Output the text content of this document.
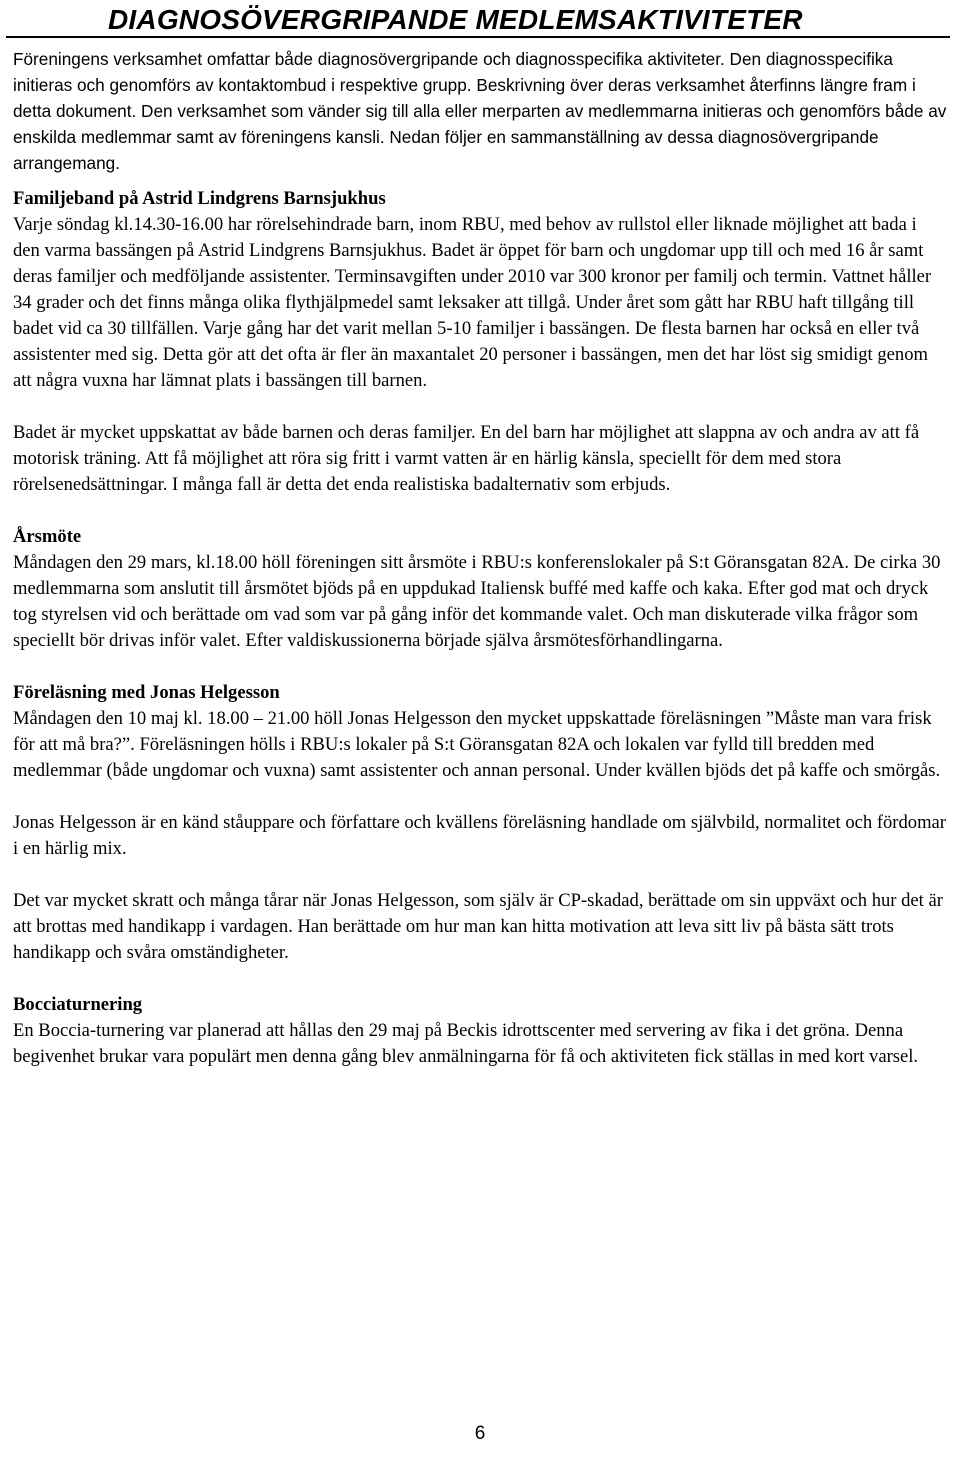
DIAGNOSÖVERGRIPANDE MEDLEMSAKTIVITETER

Föreningens verksamhet omfattar både diagnosövergripande och diagnosspecifika aktiviteter. Den diagnosspecifika initieras och genomförs av kontaktombud i respektive grupp. Beskrivning över deras verksamhet återfinns längre fram i detta dokument. Den verksamhet som vänder sig till alla eller merparten av medlemmarna initieras och genomförs både av enskilda medlemmar samt av föreningens kansli. Nedan följer en sammanställning av dessa diagnosövergripande arrangemang.

Familjeband på Astrid Lindgrens Barnsjukhus

Varje söndag kl.14.30-16.00 har rörelsehindrade barn, inom RBU, med behov av rullstol eller liknade möjlighet att bada i den varma bassängen på Astrid Lindgrens Barnsjukhus. Badet är öppet för barn och ungdomar upp till och med 16 år samt deras familjer och medföljande assistenter. Terminsavgiften under 2010 var 300 kronor per familj och termin. Vattnet håller 34 grader och det finns många olika flythjälpmedel samt leksaker att tillgå. Under året som gått har RBU haft tillgång till badet vid ca 30 tillfällen. Varje gång har det varit mellan 5-10 familjer i bassängen. De flesta barnen har också en eller två assistenter med sig. Detta gör att det ofta är fler än maxantalet 20 personer i bassängen, men det har löst sig smidigt genom att några vuxna har lämnat plats i bassängen till barnen.

Badet är mycket uppskattat av både barnen och deras familjer. En del barn har möjlighet att slappna av och andra av att få motorisk träning. Att få möjlighet att röra sig fritt i varmt vatten är en härlig känsla, speciellt för dem med stora rörelsenedsättningar. I många fall är detta det enda realistiska badalternativ som erbjuds.

Årsmöte

Måndagen den 29 mars, kl.18.00 höll föreningen sitt årsmöte i RBU:s konferenslokaler på S:t Göransgatan 82A. De cirka 30 medlemmarna som anslutit till årsmötet bjöds på en uppdukad Italiensk buffé med kaffe och kaka. Efter god mat och dryck tog styrelsen vid och berättade om vad som var på gång inför det kommande valet. Och man diskuterade vilka frågor som speciellt bör drivas inför valet. Efter valdiskussionerna började själva årsmötesförhandlingarna.

Föreläsning med Jonas Helgesson

Måndagen den 10 maj kl. 18.00 – 21.00 höll Jonas Helgesson den mycket uppskattade föreläsningen ”Måste man vara frisk för att må bra?”. Föreläsningen hölls i RBU:s lokaler på S:t Göransgatan 82A och lokalen var fylld till bredden med medlemmar (både ungdomar och vuxna) samt assistenter och annan personal. Under kvällen bjöds det på kaffe och smörgås.

Jonas Helgesson är en känd ståuppare och författare och kvällens föreläsning handlade om självbild, normalitet och fördomar i en härlig mix.

Det var mycket skratt och många tårar när Jonas Helgesson, som själv är CP-skadad, berättade om sin uppväxt och hur det är att brottas med handikapp i vardagen. Han berättade om hur man kan hitta motivation att leva sitt liv på bästa sätt trots handikapp och svåra omständigheter.

Bocciaturnering

En Boccia-turnering var planerad att hållas den 29 maj på Beckis idrottscenter med servering av fika i det gröna. Denna begivenhet brukar vara populärt men denna gång blev anmälningarna för få och aktiviteten fick ställas in med kort varsel.

6
